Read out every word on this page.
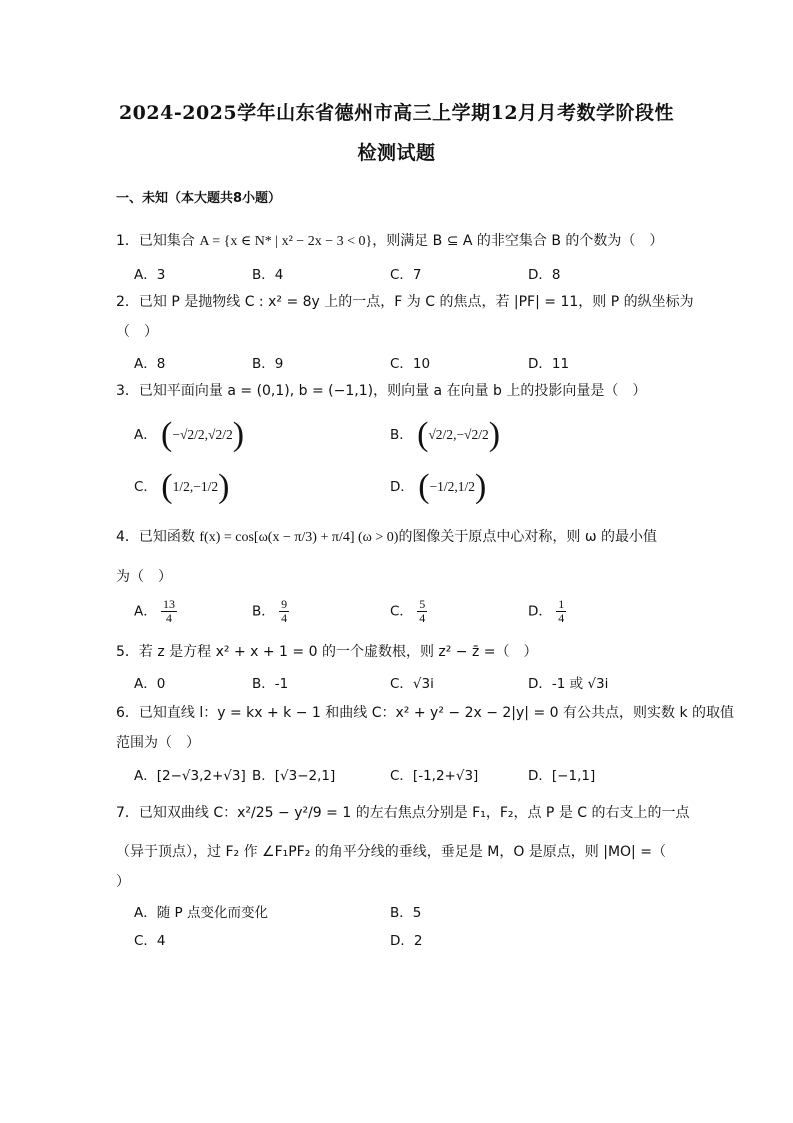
2024-2025学年山东省德州市高三上学期12月月考数学阶段性
检测试题
一、未知（本大题共8小题）
1．已知集合 A = {x ∈ N* | x² − 2x − 3 < 0}，则满足 B ⊆ A 的非空集合 B 的个数为（　）
A．3	B．4	C．7	D．8
2．已知 P 是抛物线 C : x² = 8y 上的一点，F 为 C 的焦点，若 |PF| = 11，则 P 的纵坐标为
（　）
A．8	B．9	C．10	D．11
3．已知平面向量 a = (0,1), b = (−1,1)，则向量 a 在向量 b 上的投影向量是（　）
A． (−√2/2,√2/2)	B． (√2/2,−√2/2)
C． (1/2,−1/2)	D． (−1/2,1/2)
4．已知函数 f(x) = cos[ω(x − π/3) + π/4] (ω > 0)的图像关于原点中心对称，则 ω 的最小值
为（　）
A． $\frac{13}{4}$	B． $\frac{9}{4}$	C． $\frac{5}{4}$	D． $\frac{1}{4}$
5．若 z 是方程 x² + x + 1 = 0 的一个虚数根，则 z² − z̄ =（　）
A．0	B．-1	C．√3i	D．-1 或 √3i
6．已知直线 l：y = kx + k − 1 和曲线 C：x² + y² − 2x − 2|y| = 0 有公共点，则实数 k 的取值
范围为（　）
A．[2−√3,2+√3] B．[√3−2,1]	C．[-1,2+√3]	D．[−1,1]
7．已知双曲线 C：x²/25 − y²/9 = 1 的左右焦点分别是 F₁，F₂，点 P 是 C 的右支上的一点
（异于顶点），过 F₂ 作 ∠F₁PF₂ 的角平分线的垂线，垂足是 M，O 是原点，则 |MO| =（
）
A．随 P 点变化而变化	B．5
C．4	D．2
